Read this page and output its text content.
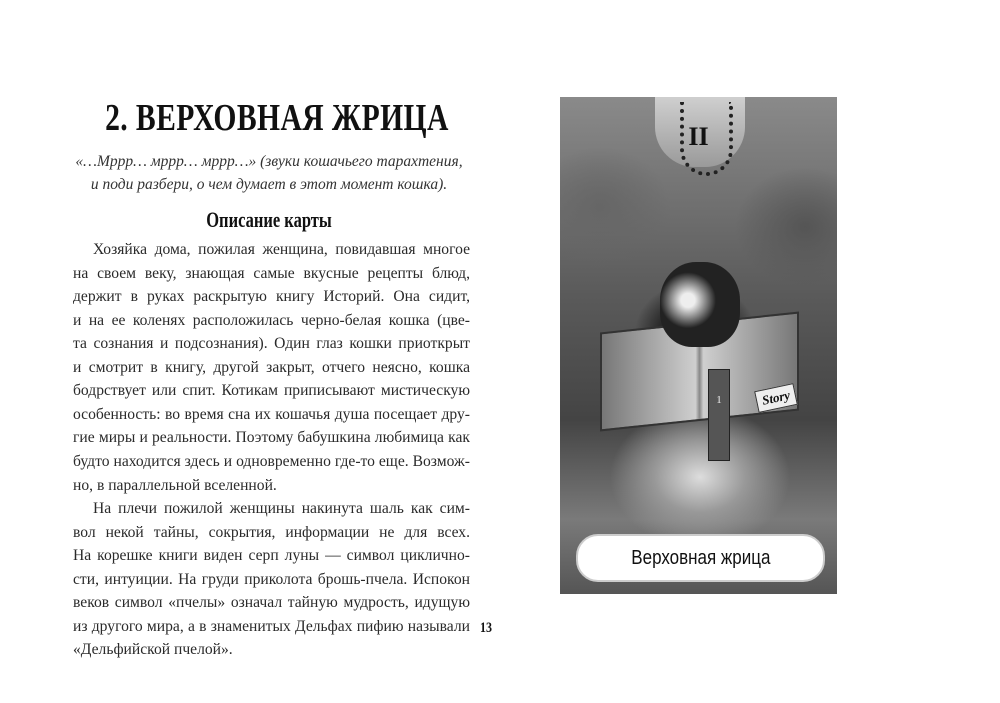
2. ВЕРХОВНАЯ ЖРИЦА
«…Мррр… мррр… мррр…» (звуки кошачьего тарахтения,
и поди разбери, о чем думает в этот момент кошка).
Описание карты
Хозяйка дома, пожилая женщина, повидавшая многое
на своем веку, знающая самые вкусные рецепты блюд,
держит в руках раскрытую книгу Историй. Она сидит,
и на ее коленях расположилась черно-белая кошка (цве-
та сознания и подсознания). Один глаз кошки приоткрыт
и смотрит в книгу, другой закрыт, отчего неясно, кошка
бодрствует или спит. Котикам приписывают мистическую
особенность: во время сна их кошачья душа посещает дру-
гие миры и реальности. Поэтому бабушкина любимица как
будто находится здесь и одновременно где-то еще. Возмож-
но, в параллельной вселенной.
На плечи пожилой женщины накинута шаль как сим-
вол некой тайны, сокрытия, информации не для всех.
На корешке книги виден серп луны — символ циклично-
сти, интуиции. На груди приколота брошь-пчела. Испокон
веков символ «пчелы» означал тайную мудрость, идущую
из другого мира, а в знаменитых Дельфах пифию называли
«Дельфийской пчелой».
II
1	Story
Верховная жрица
13
